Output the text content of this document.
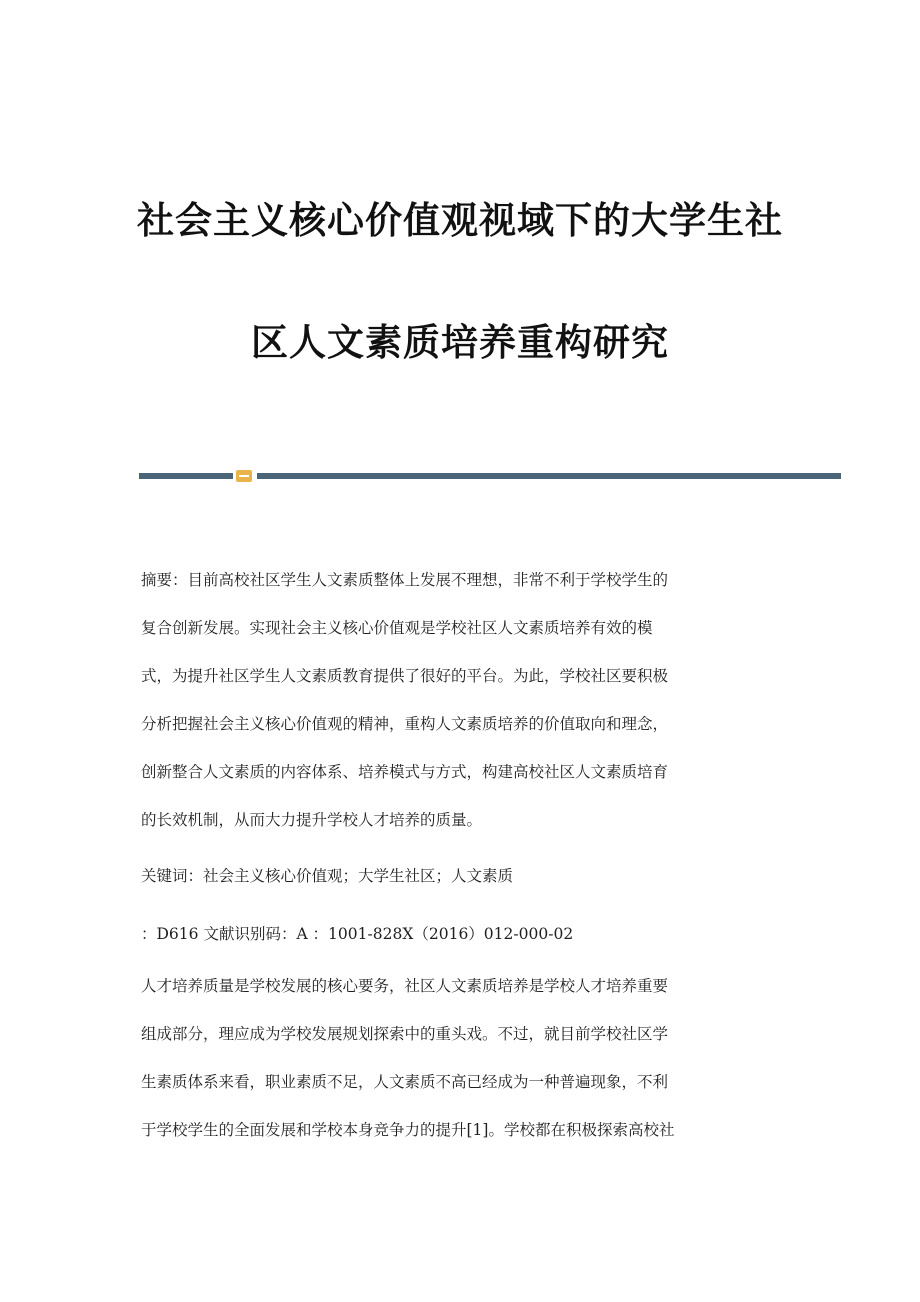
社会主义核心价值观视域下的大学生社
区人文素质培养重构研究
摘要：目前高校社区学生人文素质整体上发展不理想，非常不利于学校学生的
复合创新发展。实现社会主义核心价值观是学校社区人文素质培养有效的模
式，为提升社区学生人文素质教育提供了很好的平台。为此，学校社区要积极
分析把握社会主义核心价值观的精神，重构人文素质培养的价值取向和理念，
创新整合人文素质的内容体系、培养模式与方式，构建高校社区人文素质培育
的长效机制，从而大力提升学校人才培养的质量。
关键词：社会主义核心价值观；大学生社区；人文素质
：D616 文献识别码：A ：1001-828X（2016）012-000-02
人才培养质量是学校发展的核心要务，社区人文素质培养是学校人才培养重要
组成部分，理应成为学校发展规划探索中的重头戏。不过，就目前学校社区学
生素质体系来看，职业素质不足，人文素质不高已经成为一种普遍现象，不利
于学校学生的全面发展和学校本身竞争力的提升[1]。学校都在积极探索高校社
